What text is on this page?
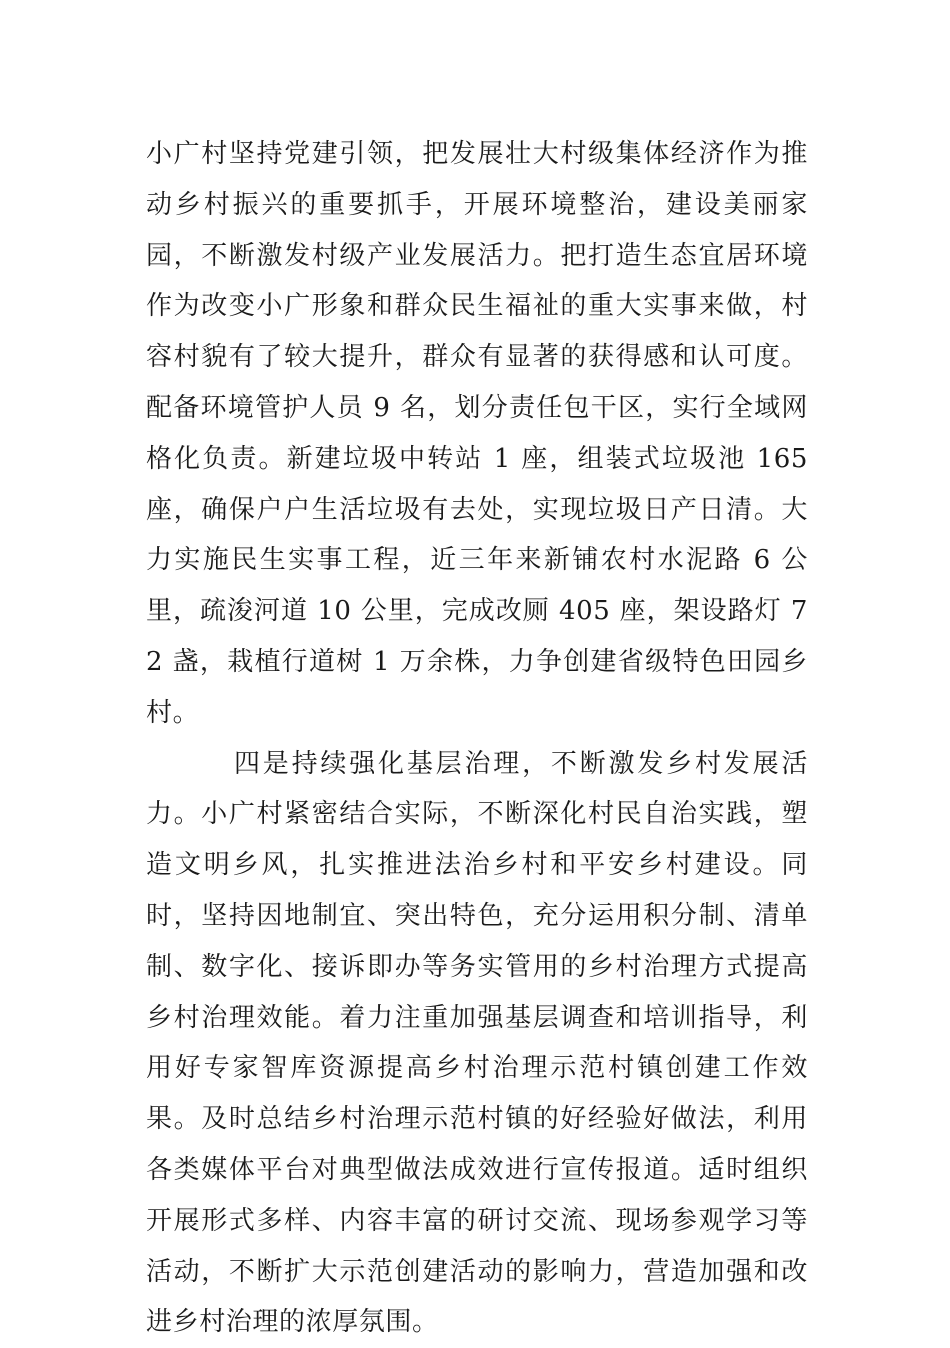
小广村坚持党建引领，把发展壮大村级集体经济作为推动乡村振兴的重要抓手，开展环境整治，建设美丽家园，不断激发村级产业发展活力。把打造生态宜居环境作为改变小广形象和群众民生福祉的重大实事来做，村容村貌有了较大提升，群众有显著的获得感和认可度。配备环境管护人员 9 名，划分责任包干区，实行全域网格化负责。新建垃圾中转站 1 座，组装式垃圾池 165 座，确保户户生活垃圾有去处，实现垃圾日产日清。大力实施民生实事工程，近三年来新铺农村水泥路 6 公里，疏浚河道 10 公里，完成改厕 405 座，架设路灯 72 盏，栽植行道树 1 万余株，力争创建省级特色田园乡村。

四是持续强化基层治理，不断激发乡村发展活力。小广村紧密结合实际，不断深化村民自治实践，塑造文明乡风，扎实推进法治乡村和平安乡村建设。同时，坚持因地制宜、突出特色，充分运用积分制、清单制、数字化、接诉即办等务实管用的乡村治理方式提高乡村治理效能。着力注重加强基层调查和培训指导，利用好专家智库资源提高乡村治理示范村镇创建工作效果。及时总结乡村治理示范村镇的好经验好做法，利用各类媒体平台对典型做法成效进行宣传报道。适时组织开展形式多样、内容丰富的研讨交流、现场参观学习等活动，不断扩大示范创建活动的影响力，营造加强和改进乡村治理的浓厚氛围。
